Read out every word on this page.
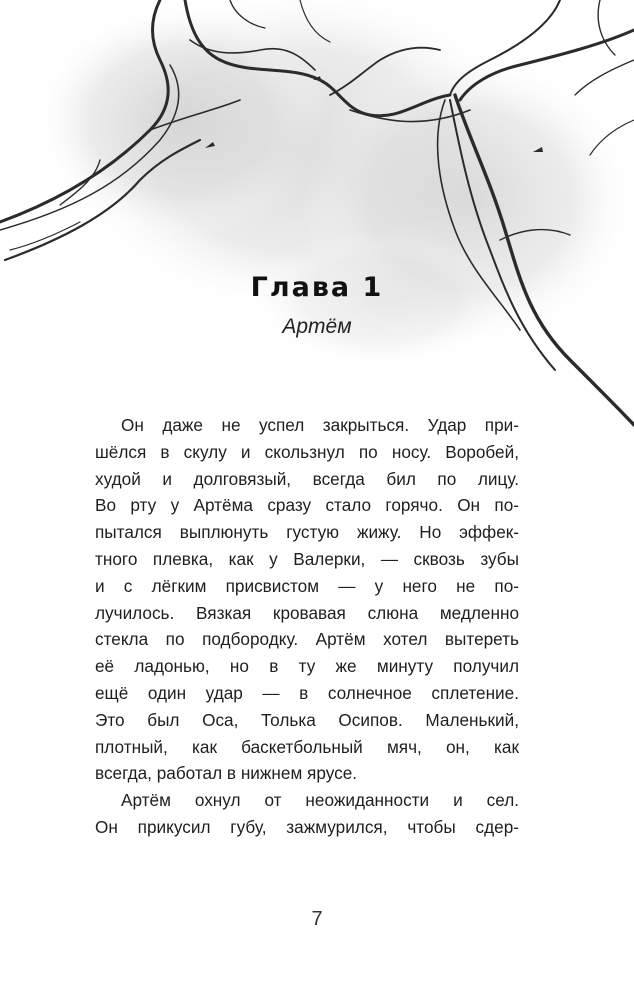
Глава 1
Артём
Он даже не успел закрыться. Удар при-
шёлся в скулу и скользнул по носу. Воробей,
худой и долговязый, всегда бил по лицу.
Во рту у Артёма сразу стало горячо. Он по-
пытался выплюнуть густую жижу. Но эффек-
тного плевка, как у Валерки, — сквозь зубы
и с лёгким присвистом — у него не по-
лучилось. Вязкая кровавая слюна медленно
стекла по подбородку. Артём хотел вытереть
её ладонью, но в ту же минуту получил
ещё один удар — в солнечное сплетение.
Это был Оса, Толька Осипов. Маленький,
плотный, как баскетбольный мяч, он, как
всегда, работал в нижнем ярусе.
Артём охнул от неожиданности и сел.
Он прикусил губу, зажмурился, чтобы сдер-
7
